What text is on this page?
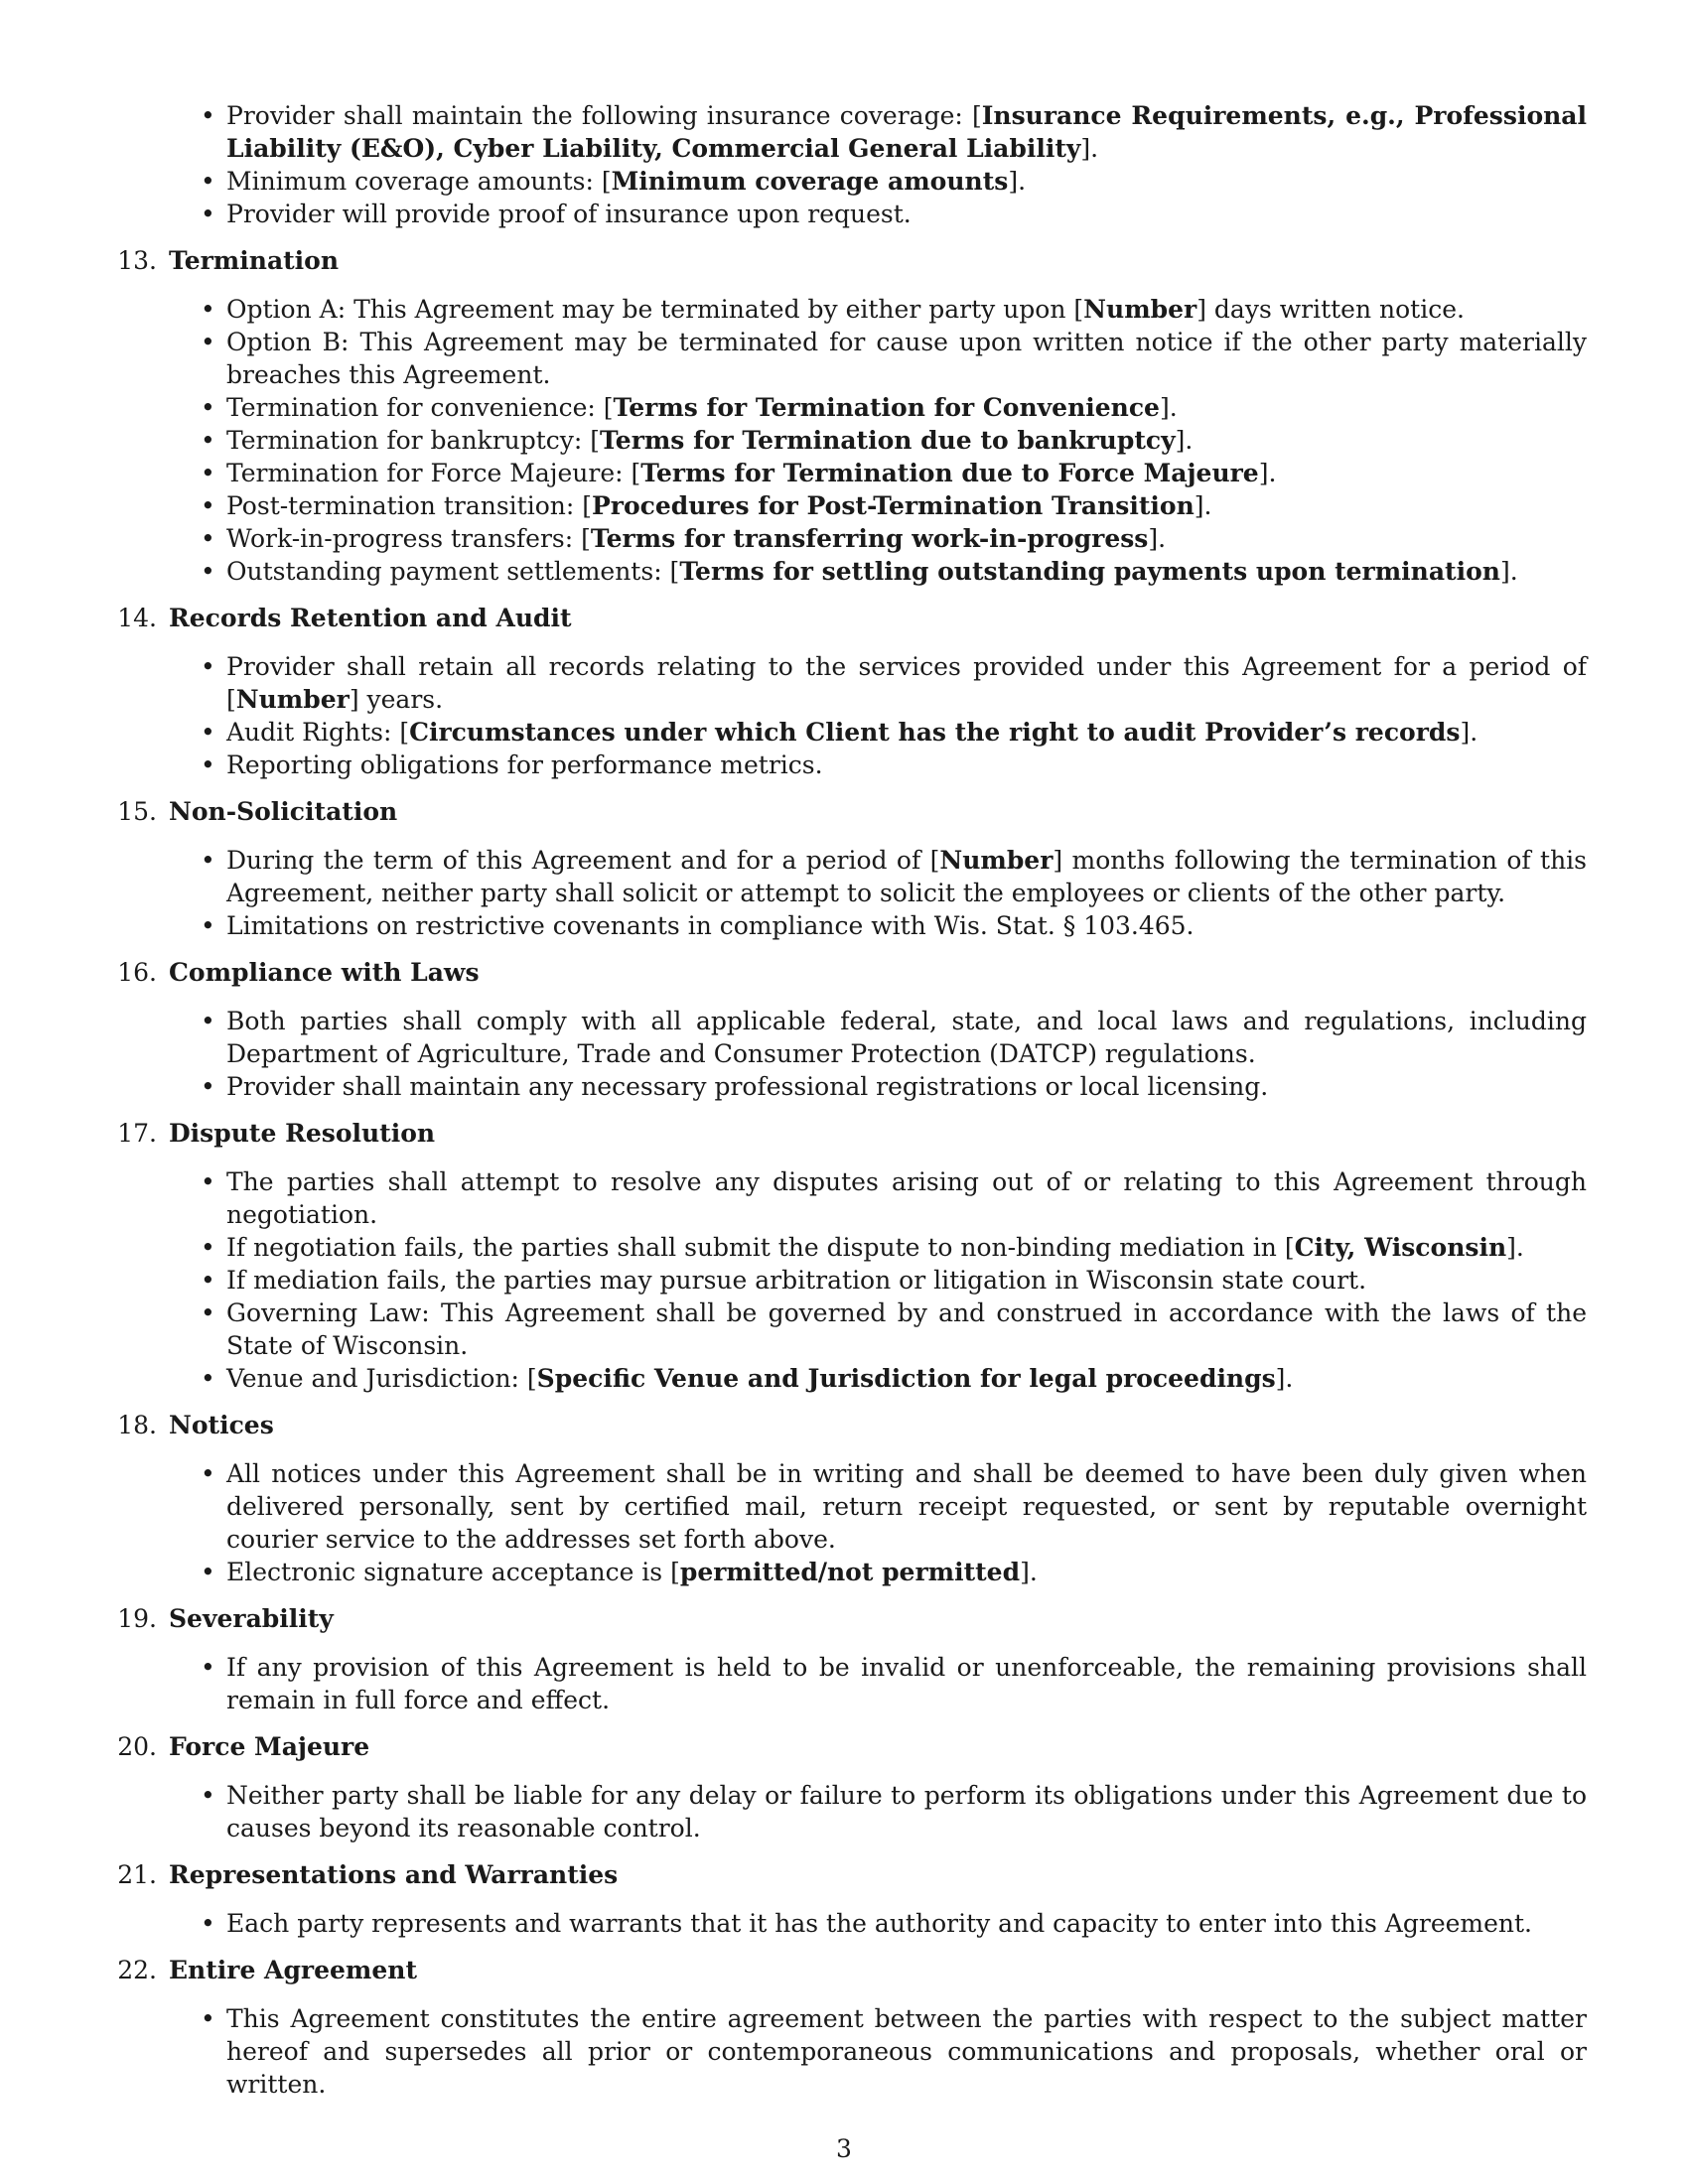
• Provider shall maintain the following insurance coverage: [Insurance Requirements, e.g., Professional Liability (E&O), Cyber Liability, Commercial General Liability].
• Minimum coverage amounts: [Minimum coverage amounts].
• Provider will provide proof of insurance upon request.
13. Termination
• Option A: This Agreement may be terminated by either party upon [Number] days written notice.
• Option B: This Agreement may be terminated for cause upon written notice if the other party materially breaches this Agreement.
• Termination for convenience: [Terms for Termination for Convenience].
• Termination for bankruptcy: [Terms for Termination due to bankruptcy].
• Termination for Force Majeure: [Terms for Termination due to Force Majeure].
• Post-termination transition: [Procedures for Post-Termination Transition].
• Work-in-progress transfers: [Terms for transferring work-in-progress].
• Outstanding payment settlements: [Terms for settling outstanding payments upon termination].
14. Records Retention and Audit
• Provider shall retain all records relating to the services provided under this Agreement for a period of [Number] years.
• Audit Rights: [Circumstances under which Client has the right to audit Provider’s records].
• Reporting obligations for performance metrics.
15. Non-Solicitation
• During the term of this Agreement and for a period of [Number] months following the termination of this Agreement, neither party shall solicit or attempt to solicit the employees or clients of the other party.
• Limitations on restrictive covenants in compliance with Wis. Stat. § 103.465.
16. Compliance with Laws
• Both parties shall comply with all applicable federal, state, and local laws and regulations, including Department of Agriculture, Trade and Consumer Protection (DATCP) regulations.
• Provider shall maintain any necessary professional registrations or local licensing.
17. Dispute Resolution
• The parties shall attempt to resolve any disputes arising out of or relating to this Agreement through negotiation.
• If negotiation fails, the parties shall submit the dispute to non-binding mediation in [City, Wisconsin].
• If mediation fails, the parties may pursue arbitration or litigation in Wisconsin state court.
• Governing Law: This Agreement shall be governed by and construed in accordance with the laws of the State of Wisconsin.
• Venue and Jurisdiction: [Specific Venue and Jurisdiction for legal proceedings].
18. Notices
• All notices under this Agreement shall be in writing and shall be deemed to have been duly given when delivered personally, sent by certified mail, return receipt requested, or sent by reputable overnight courier service to the addresses set forth above.
• Electronic signature acceptance is [permitted/not permitted].
19. Severability
• If any provision of this Agreement is held to be invalid or unenforceable, the remaining provisions shall remain in full force and effect.
20. Force Majeure
• Neither party shall be liable for any delay or failure to perform its obligations under this Agreement due to causes beyond its reasonable control.
21. Representations and Warranties
• Each party represents and warrants that it has the authority and capacity to enter into this Agreement.
22. Entire Agreement
• This Agreement constitutes the entire agreement between the parties with respect to the subject matter hereof and supersedes all prior or contemporaneous communications and proposals, whether oral or written.
3
